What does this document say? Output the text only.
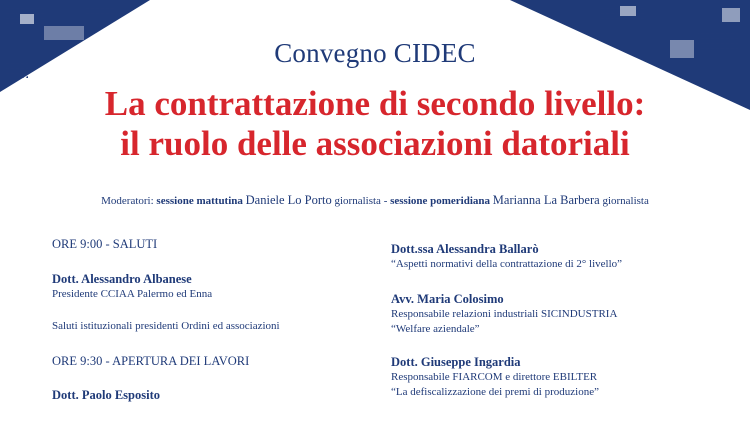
Convegno CIDEC
La contrattazione di secondo livello:
il ruolo delle associazioni datoriali
Moderatori: sessione mattutina Daniele Lo Porto giornalista - sessione pomeridiana Marianna La Barbera giornalista
ORE 9:00 - SALUTI
Dott. Alessandro Albanese
Presidente CCIAA Palermo ed Enna
Saluti istituzionali presidenti Ordini ed associazioni
ORE 9:30 - APERTURA DEI LAVORI
Dott. Paolo Esposito
Dott.ssa Alessandra Ballarò
“Aspetti normativi della contrattazione di 2° livello”
Avv. Maria Colosimo
Responsabile relazioni industriali SICINDUSTRIA
“Welfare aziendale”
Dott. Giuseppe Ingardia
Responsabile FIARCOM e direttore EBILTER
“La defiscalizzazione dei premi di produzione”
